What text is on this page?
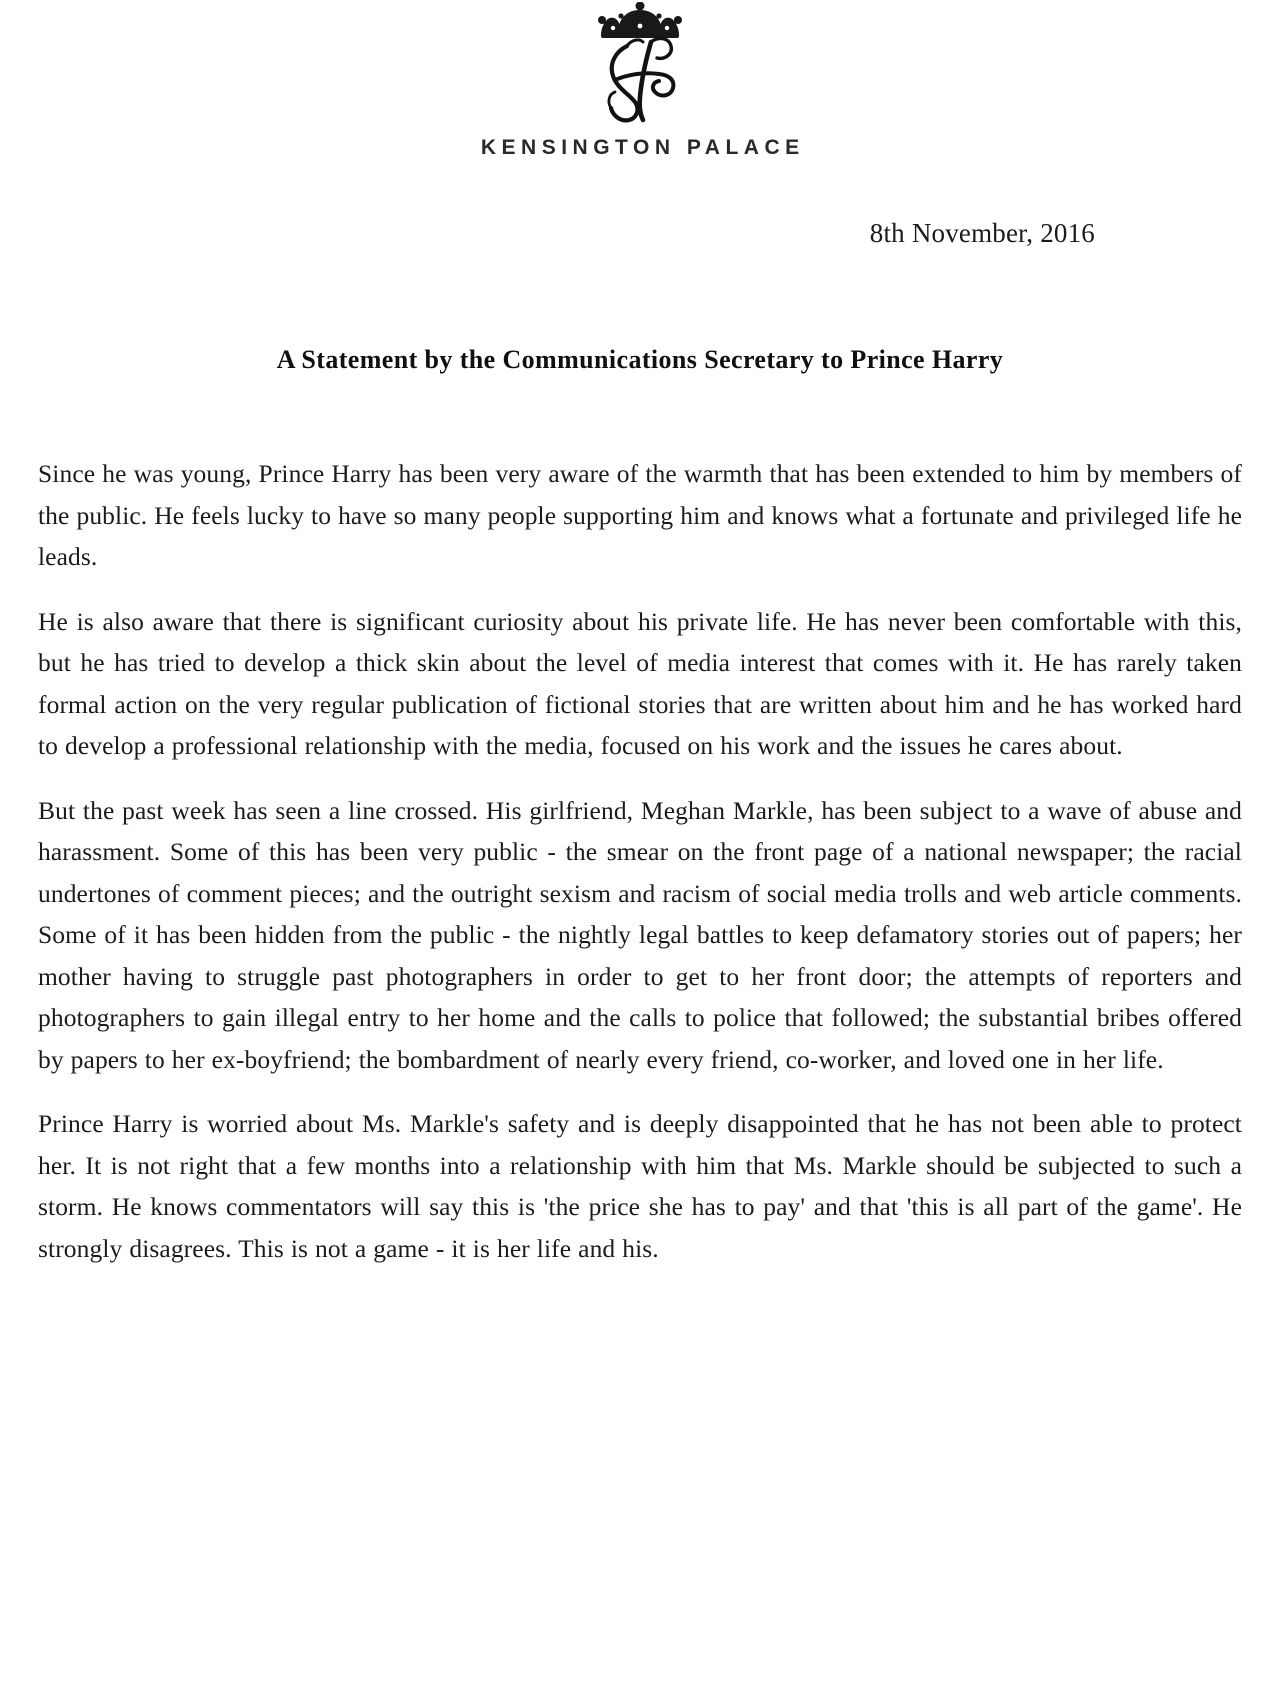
KENSINGTON PALACE
8th November, 2016
A Statement by the Communications Secretary to Prince Harry

Since he was young, Prince Harry has been very aware of the warmth that has been extended to him by members of the public. He feels lucky to have so many people supporting him and knows what a fortunate and privileged life he leads.

He is also aware that there is significant curiosity about his private life. He has never been comfortable with this, but he has tried to develop a thick skin about the level of media interest that comes with it. He has rarely taken formal action on the very regular publication of fictional stories that are written about him and he has worked hard to develop a professional relationship with the media, focused on his work and the issues he cares about.

But the past week has seen a line crossed. His girlfriend, Meghan Markle, has been subject to a wave of abuse and harassment. Some of this has been very public - the smear on the front page of a national newspaper; the racial undertones of comment pieces; and the outright sexism and racism of social media trolls and web article comments. Some of it has been hidden from the public - the nightly legal battles to keep defamatory stories out of papers; her mother having to struggle past photographers in order to get to her front door; the attempts of reporters and photographers to gain illegal entry to her home and the calls to police that followed; the substantial bribes offered by papers to her ex-boyfriend; the bombardment of nearly every friend, co-worker, and loved one in her life.

Prince Harry is worried about Ms. Markle's safety and is deeply disappointed that he has not been able to protect her. It is not right that a few months into a relationship with him that Ms. Markle should be subjected to such a storm. He knows commentators will say this is 'the price she has to pay' and that 'this is all part of the game'. He strongly disagrees. This is not a game - it is her life and his.
